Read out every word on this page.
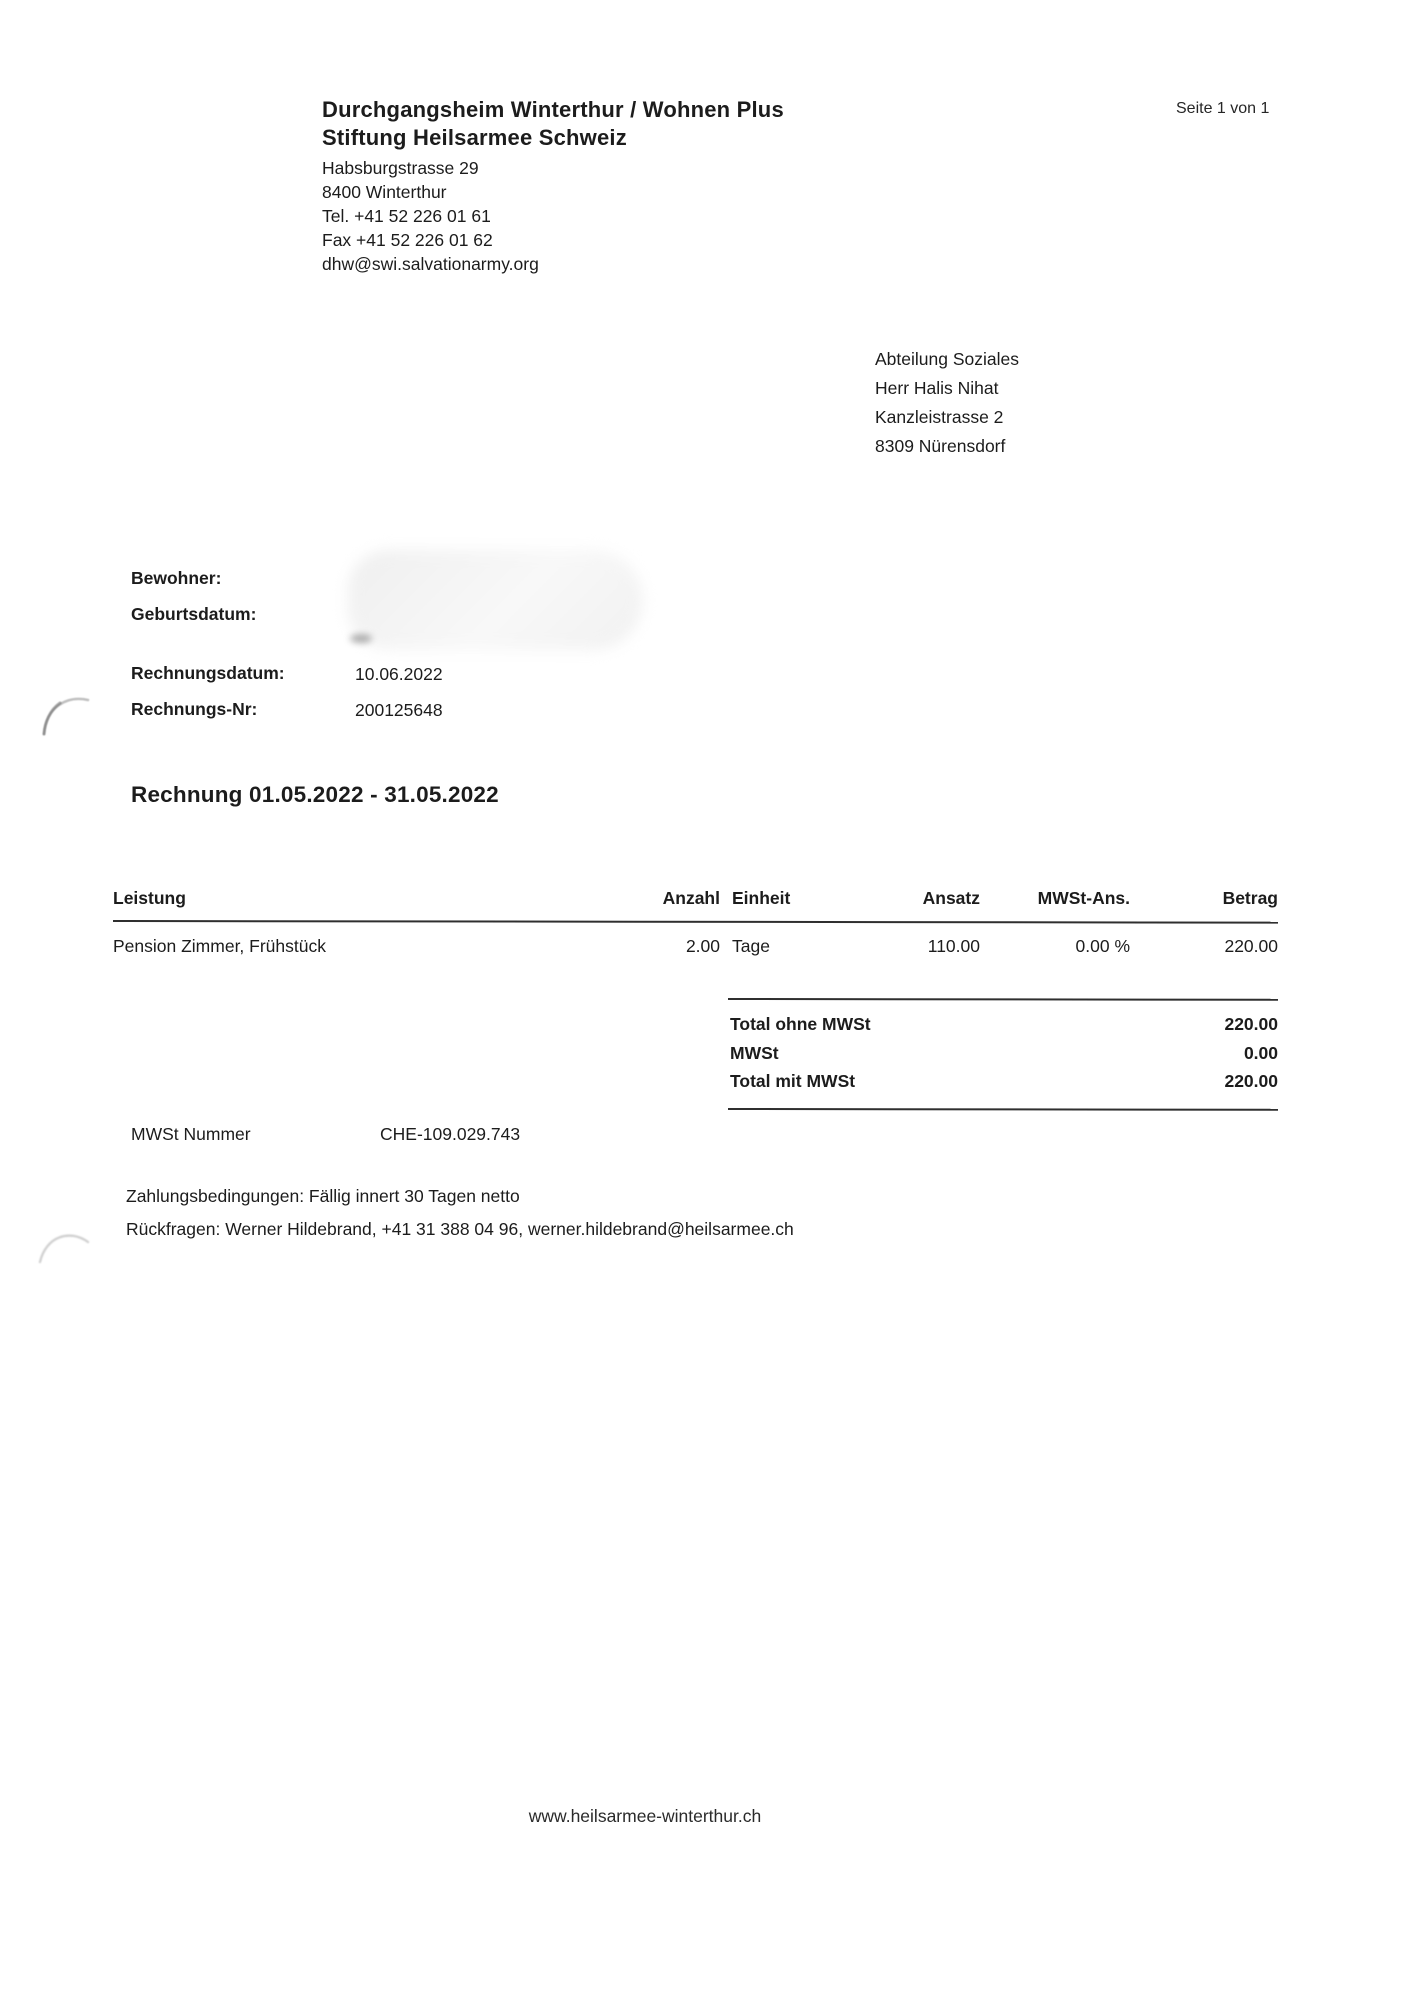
Durchgangsheim Winterthur / Wohnen Plus
Stiftung Heilsarmee Schweiz
Habsburgstrasse 29
8400 Winterthur
Tel. +41 52 226 01 61
Fax +41 52 226 01 62
dhw@swi.salvationarmy.org
Seite 1 von 1
Abteilung Soziales
Herr Halis Nihat
Kanzleistrasse 2
8309 Nürensdorf
Bewohner:
Geburtsdatum:
Rechnungsdatum:	10.06.2022
Rechnungs-Nr:	200125648
Rechnung 01.05.2022 - 31.05.2022
Leistung	Anzahl Einheit	Ansatz	MWSt-Ans.	Betrag
Pension Zimmer, Frühstück	2.00 Tage	110.00	0.00 %	220.00
Total ohne MWSt	220.00
MWSt	0.00
Total mit MWSt	220.00
MWSt Nummer	CHE-109.029.743
Zahlungsbedingungen: Fällig innert 30 Tagen netto
Rückfragen: Werner Hildebrand, +41 31 388 04 96, werner.hildebrand@heilsarmee.ch
www.heilsarmee-winterthur.ch
